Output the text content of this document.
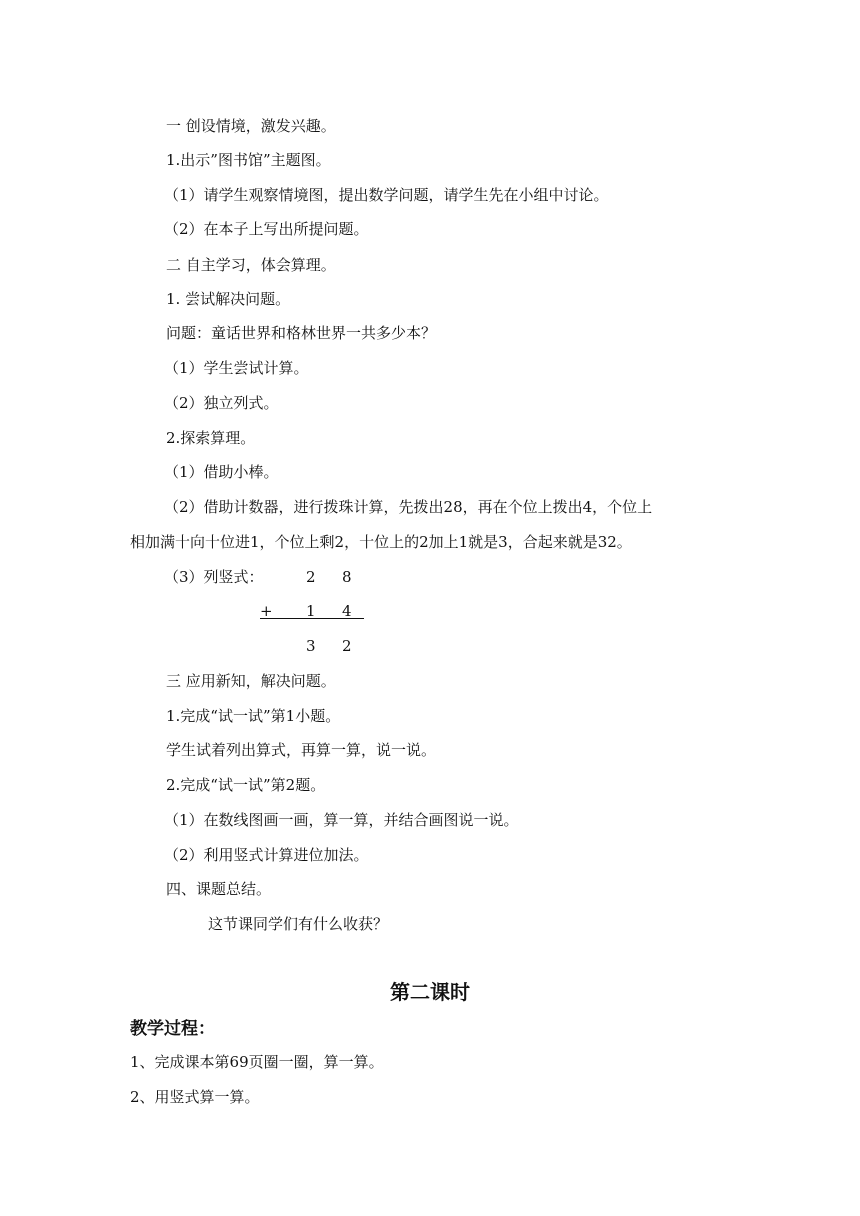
一 创设情境，激发兴趣。
1.出示”图书馆”主题图。
（1）请学生观察情境图，提出数学问题，请学生先在小组中讨论。
（2）在本子上写出所提问题。
二 自主学习，体会算理。
1. 尝试解决问题。
问题：童话世界和格林世界一共多少本？
（1）学生尝试计算。
（2）独立列式。
2.探索算理。
（1）借助小棒。
（2）借助计数器，进行拨珠计算，先拨出28，再在个位上拨出4，个位上
相加满十向十位进1，个位上剩2，十位上的2加上1就是3，合起来就是32。
（3）列竖式：	2 8
+ 1 4
3 2
三 应用新知，解决问题。
1.完成“试一试”第1小题。
学生试着列出算式，再算一算，说一说。
2.完成“试一试”第2题。
（1）在数线图画一画，算一算，并结合画图说一说。
（2）利用竖式计算进位加法。
四、课题总结。
这节课同学们有什么收获？
第二课时
教学过程：
1、完成课本第69页圈一圈，算一算。
2、用竖式算一算。
